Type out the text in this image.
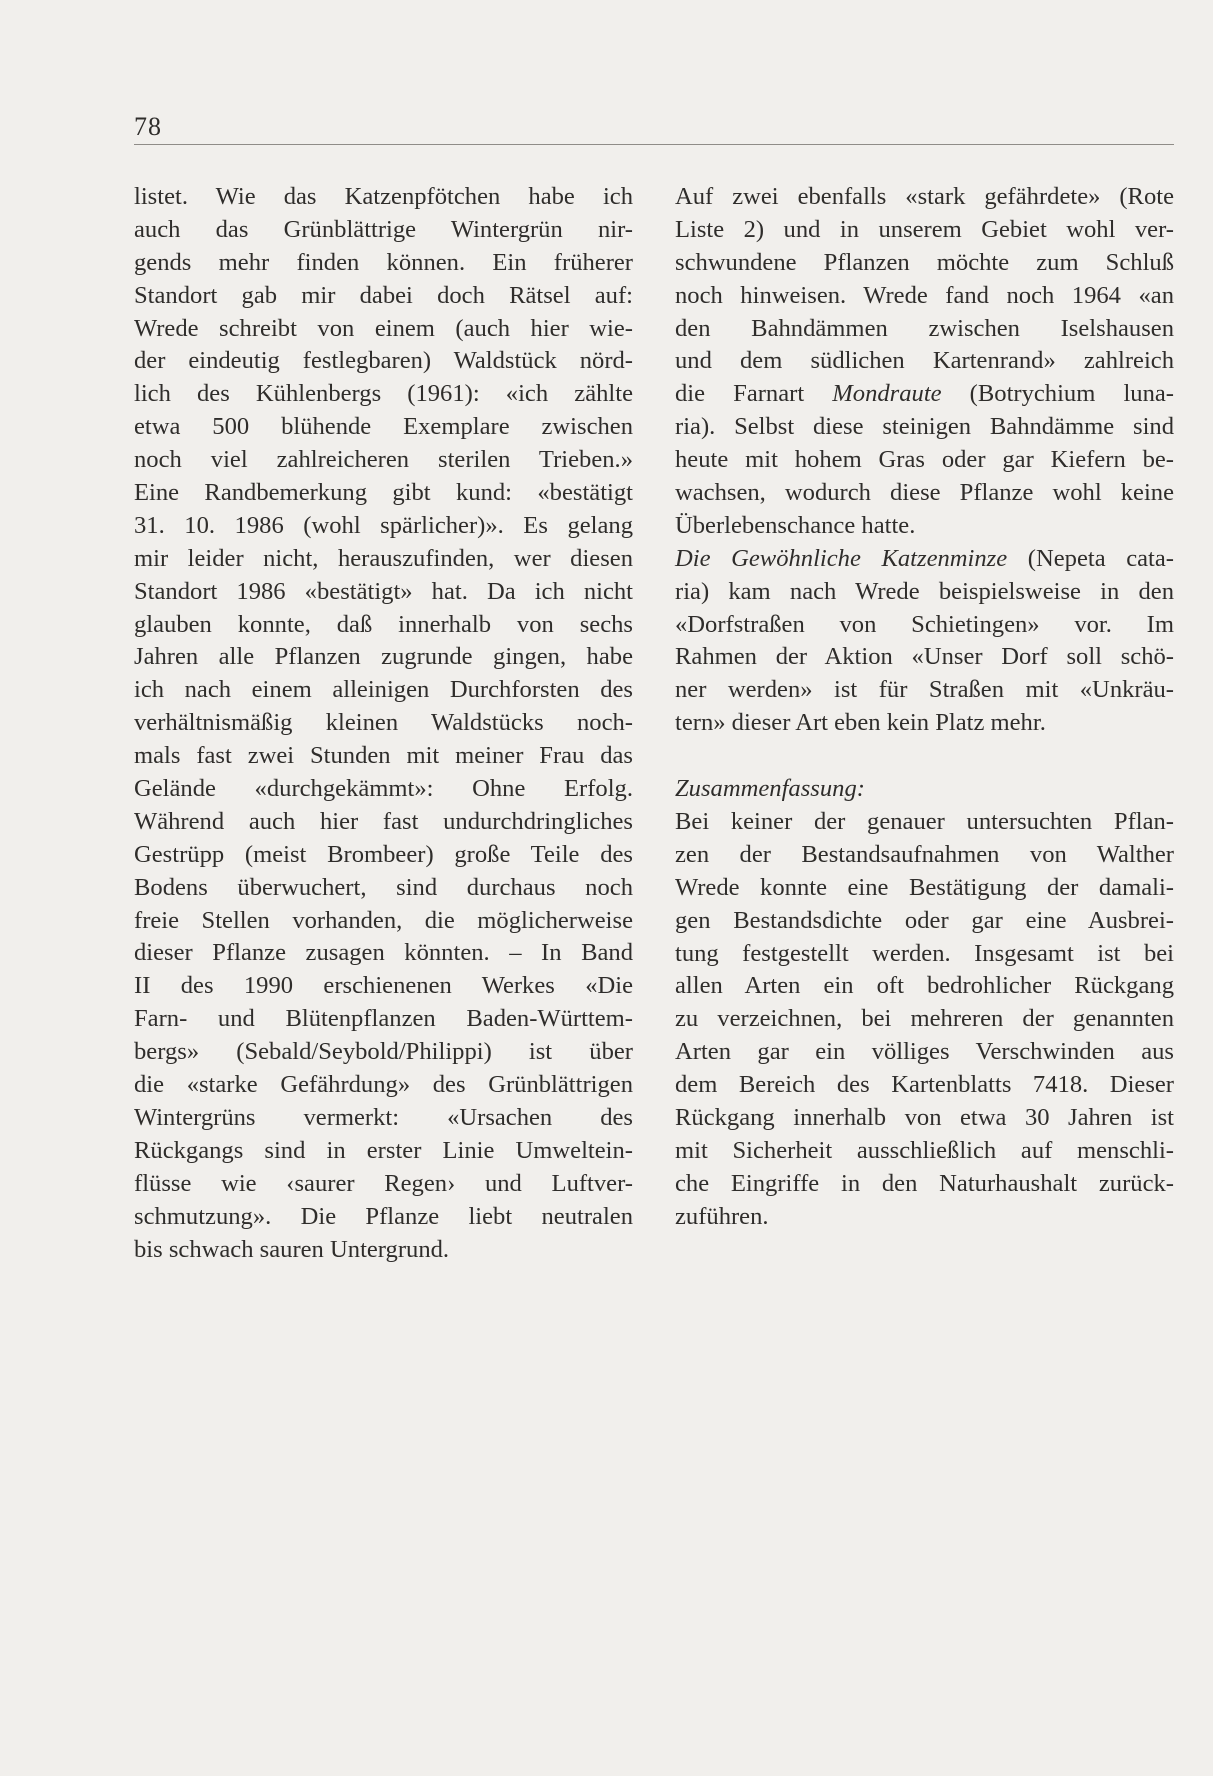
78

listet. Wie das Katzenpfötchen habe ich
auch das Grünblättrige Wintergrün nir-
gends mehr finden können. Ein früherer
Standort gab mir dabei doch Rätsel auf:
Wrede schreibt von einem (auch hier wie-
der eindeutig festlegbaren) Waldstück nörd-
lich des Kühlenbergs (1961): «ich zählte
etwa 500 blühende Exemplare zwischen
noch viel zahlreicheren sterilen Trieben.»
Eine Randbemerkung gibt kund: «bestätigt
31. 10. 1986 (wohl spärlicher)». Es gelang
mir leider nicht, herauszufinden, wer diesen
Standort 1986 «bestätigt» hat. Da ich nicht
glauben konnte, daß innerhalb von sechs
Jahren alle Pflanzen zugrunde gingen, habe
ich nach einem alleinigen Durchforsten des
verhältnismäßig kleinen Waldstücks noch-
mals fast zwei Stunden mit meiner Frau das
Gelände «durchgekämmt»: Ohne Erfolg.
Während auch hier fast undurchdringliches
Gestrüpp (meist Brombeer) große Teile des
Bodens überwuchert, sind durchaus noch
freie Stellen vorhanden, die möglicherweise
dieser Pflanze zusagen könnten. – In Band
II des 1990 erschienenen Werkes «Die
Farn- und Blütenpflanzen Baden-Württem-
bergs» (Sebald/Seybold/Philippi) ist über
die «starke Gefährdung» des Grünblättrigen
Wintergrüns vermerkt: «Ursachen des
Rückgangs sind in erster Linie Umweltein-
flüsse wie ‹saurer Regen› und Luftver-
schmutzung». Die Pflanze liebt neutralen
bis schwach sauren Untergrund.

Auf zwei ebenfalls «stark gefährdete» (Rote
Liste 2) und in unserem Gebiet wohl ver-
schwundene Pflanzen möchte zum Schluß
noch hinweisen. Wrede fand noch 1964 «an
den Bahndämmen zwischen Iselshausen
und dem südlichen Kartenrand» zahlreich
die Farnart Mondraute (Botrychium luna-
ria). Selbst diese steinigen Bahndämme sind
heute mit hohem Gras oder gar Kiefern be-
wachsen, wodurch diese Pflanze wohl keine
Überlebenschance hatte.

Die Gewöhnliche Katzenminze (Nepeta cata-
ria) kam nach Wrede beispielsweise in den
«Dorfstraßen von Schietingen» vor. Im
Rahmen der Aktion «Unser Dorf soll schö-
ner werden» ist für Straßen mit «Unkräu-
tern» dieser Art eben kein Platz mehr.

Zusammenfassung:

Bei keiner der genauer untersuchten Pflan-
zen der Bestandsaufnahmen von Walther
Wrede konnte eine Bestätigung der damali-
gen Bestandsdichte oder gar eine Ausbrei-
tung festgestellt werden. Insgesamt ist bei
allen Arten ein oft bedrohlicher Rückgang
zu verzeichnen, bei mehreren der genannten
Arten gar ein völliges Verschwinden aus
dem Bereich des Kartenblatts 7418. Dieser
Rückgang innerhalb von etwa 30 Jahren ist
mit Sicherheit ausschließlich auf menschli-
che Eingriffe in den Naturhaushalt zurück-
zuführen.
